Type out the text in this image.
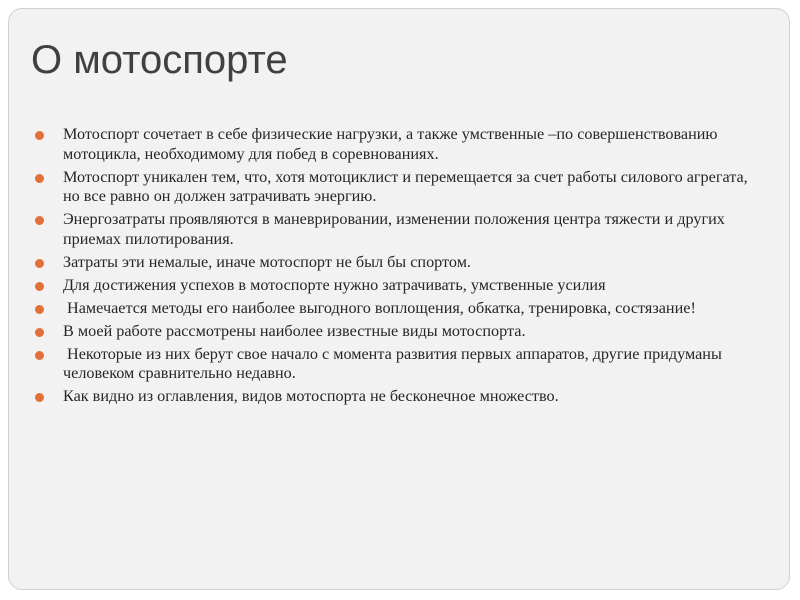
О мотоспорте
Мотоспорт сочетает в себе физические нагрузки, а также умственные –по совершенствованию мотоцикла, необходимому для побед в соревнованиях.
Мотоспорт уникален тем, что, хотя мотоциклист и перемещается за счет работы силового агрегата, но все равно он должен затрачивать энергию.
Энергозатраты проявляются в маневрировании, изменении положения центра тяжести и других приемах пилотирования.
Затраты эти немалые, иначе мотоспорт не был бы спортом.
Для достижения успехов в мотоспорте нужно затрачивать, умственные усилия
Намечается методы его наиболее выгодного воплощения, обкатка, тренировка, состязание!
В моей работе рассмотрены наиболее известные виды мотоспорта.
Некоторые из них берут свое начало с момента развития первых аппаратов, другие придуманы человеком сравнительно недавно.
Как видно из оглавления, видов мотоспорта не бесконечное множество.
